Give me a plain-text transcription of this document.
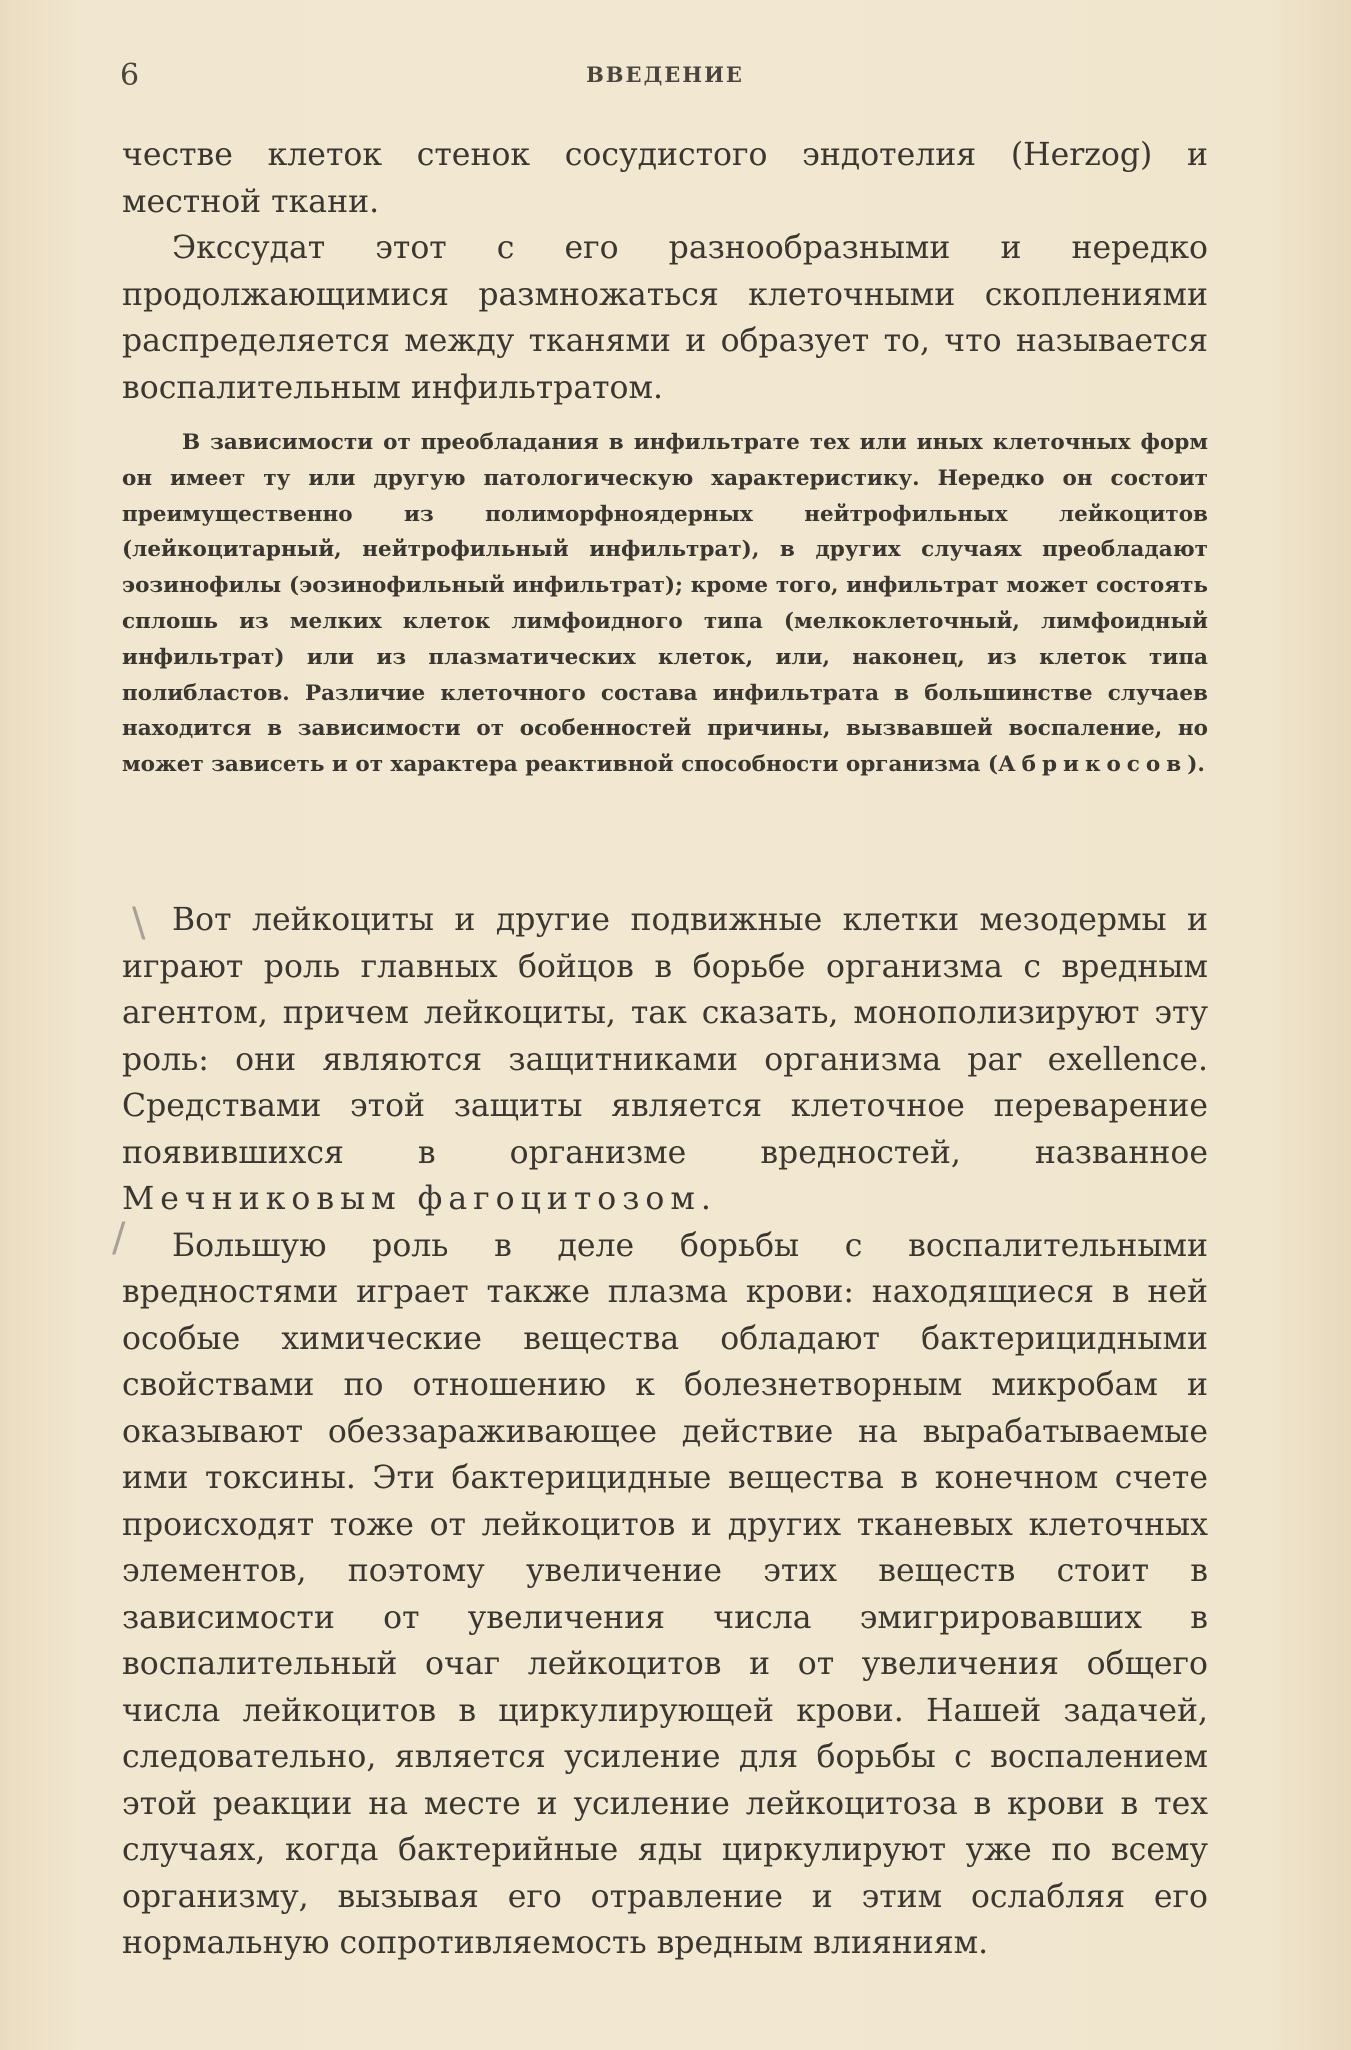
6	ВВЕДЕНИЕ

честве клеток стенок сосудистого эндотелия (Herzog) и местной ткани.

Экссудат этот с его разнообразными и нередко продолжающимися размножаться клеточными скоплениями распределяется между тканями и образует то, что называется воспалительным инфильтратом.

В зависимости от преобладания в инфильтрате тех или иных клеточных форм он имеет ту или другую патологическую характеристику. Нередко он состоит преимущественно из полиморфноядерных нейтрофильных лейкоцитов (лейкоцитарный, нейтрофильный инфильтрат), в других случаях преобладают эозинофилы (эозинофильный инфильтрат); кроме того, инфильтрат может состоять сплошь из мелких клеток лимфоидного типа (мелкоклеточный, лимфоидный инфильтрат) или из плазматических клеток, или, наконец, из клеток типа полибластов. Различие клеточного состава инфильтрата в большинстве случаев находится в зависимости от особенностей причины, вызвавшей воспаление, но может зависеть и от характера реактивной способности организма (Абрикосов).

Вот лейкоциты и другие подвижные клетки мезодермы и играют роль главных бойцов в борьбе организма с вредным агентом, причем лейкоциты, так сказать, монополизируют эту роль: они являются защитниками организма par exellence. Средствами этой защиты является клеточное переварение появившихся в организме вредностей, названное Мечниковым фагоцитозом.

Большую роль в деле борьбы с воспалительными вредностями играет также плазма крови: находящиеся в ней особые химические вещества обладают бактерицидными свойствами по отношению к болезнетворным микробам и оказывают обеззараживающее действие на вырабатываемые ими токсины. Эти бактерицидные вещества в конечном счете происходят тоже от лейкоцитов и других тканевых клеточных элементов, поэтому увеличение этих веществ стоит в зависимости от увеличения числа эмигрировавших в воспалительный очаг лейкоцитов и от увеличения общего числа лейкоцитов в циркулирующей крови. Нашей задачей, следовательно, является усиление для борьбы с воспалением этой реакции на месте и усиление лейкоцитоза в крови в тех случаях, когда бактерийные яды циркулируют уже по всему организму, вызывая его отравление и этим ослабляя его нормальную сопротивляемость вредным влияниям.

\
/
